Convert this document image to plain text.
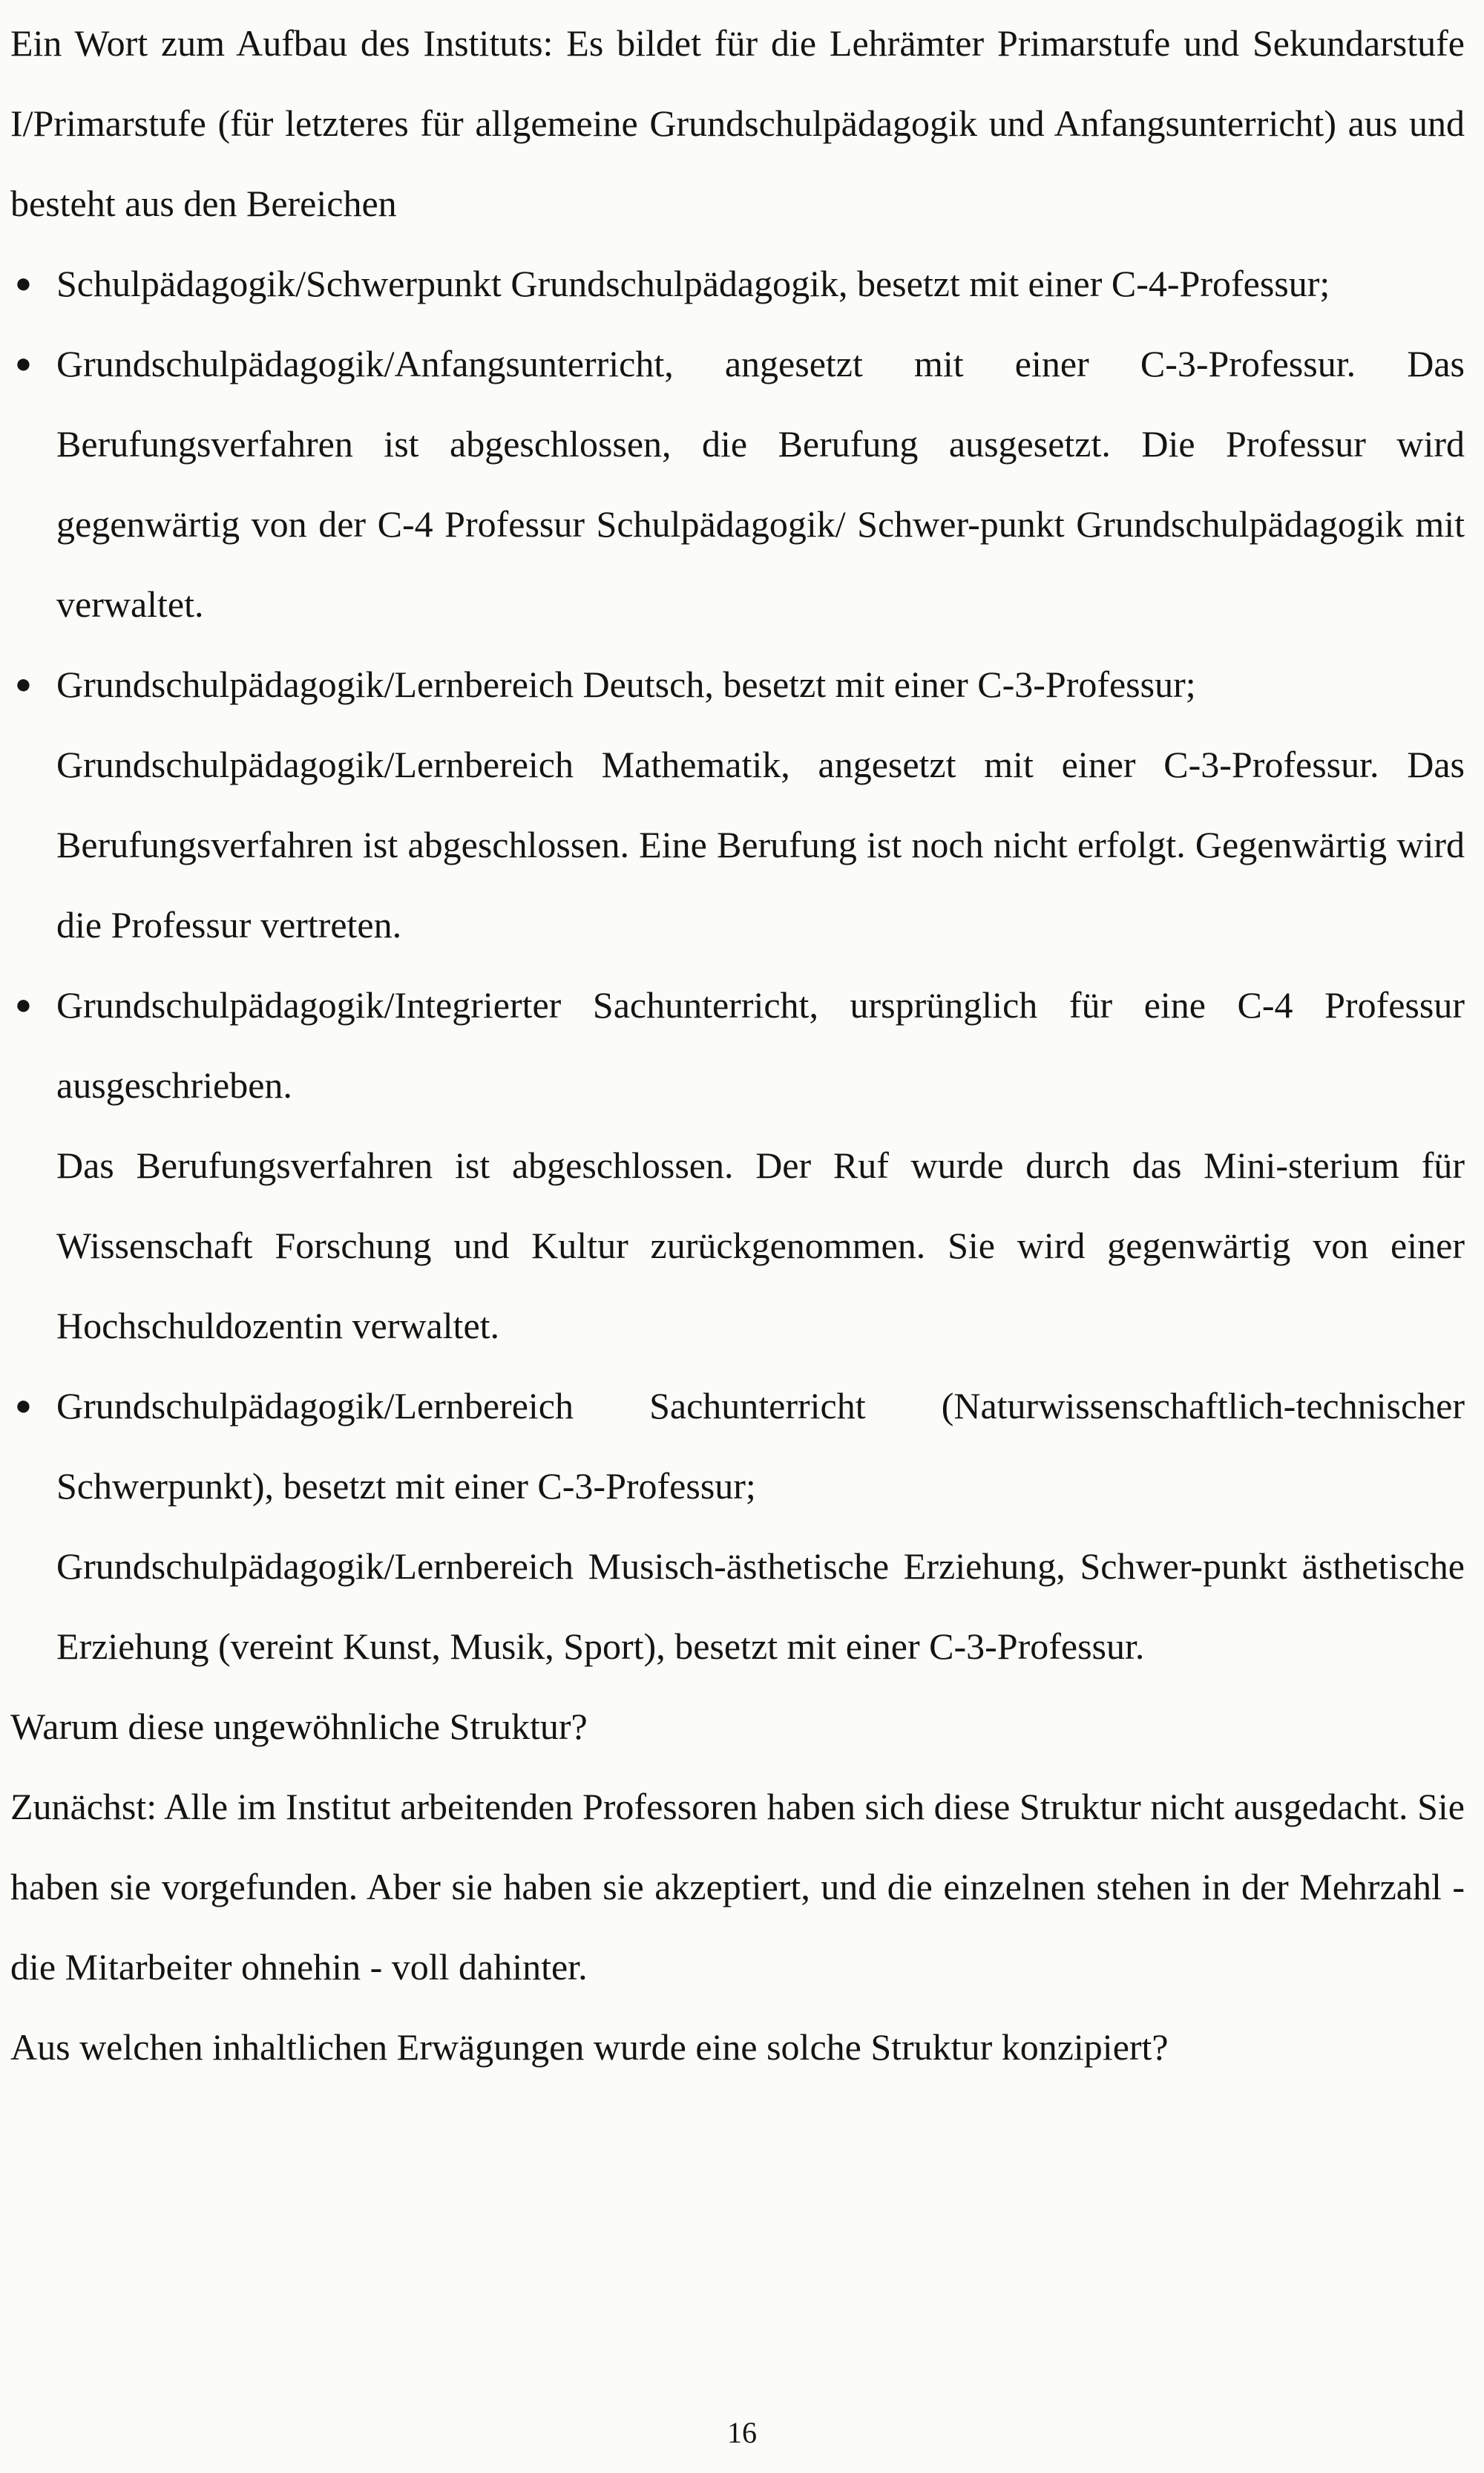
Ein Wort zum Aufbau des Instituts: Es bildet für die Lehrämter Primarstufe und Sekundarstufe I/Primarstufe (für letzteres für allgemeine Grundschulpädagogik und Anfangsunterricht) aus und besteht aus den Bereichen

● Schulpädagogik/Schwerpunkt Grundschulpädagogik, besetzt mit einer C-4-Professur;
● Grundschulpädagogik/Anfangsunterricht, angesetzt mit einer C-3-Professur. Das Berufungsverfahren ist abgeschlossen, die Berufung ausgesetzt. Die Professur wird gegenwärtig von der C-4 Professur Schulpädagogik/ Schwer-punkt Grundschulpädagogik mit verwaltet.
● Grundschulpädagogik/Lernbereich Deutsch, besetzt mit einer C-3-Professur;
Grundschulpädagogik/Lernbereich Mathematik, angesetzt mit einer C-3-Professur. Das Berufungsverfahren ist abgeschlossen. Eine Berufung ist noch nicht erfolgt. Gegenwärtig wird die Professur vertreten.
● Grundschulpädagogik/Integrierter Sachunterricht, ursprünglich für eine C-4 Professur ausgeschrieben.
Das Berufungsverfahren ist abgeschlossen. Der Ruf wurde durch das Mini-sterium für Wissenschaft Forschung und Kultur zurückgenommen. Sie wird gegenwärtig von einer Hochschuldozentin verwaltet.
● Grundschulpädagogik/Lernbereich Sachunterricht (Naturwissenschaftlich-technischer Schwerpunkt), besetzt mit einer C-3-Professur;
Grundschulpädagogik/Lernbereich Musisch-ästhetische Erziehung, Schwer-punkt ästhetische Erziehung (vereint Kunst, Musik, Sport), besetzt mit einer C-3-Professur.

Warum diese ungewöhnliche Struktur?

Zunächst: Alle im Institut arbeitenden Professoren haben sich diese Struktur nicht ausgedacht. Sie haben sie vorgefunden. Aber sie haben sie akzeptiert, und die einzelnen stehen in der Mehrzahl - die Mitarbeiter ohnehin - voll dahinter.

Aus welchen inhaltlichen Erwägungen wurde eine solche Struktur konzipiert?

16
